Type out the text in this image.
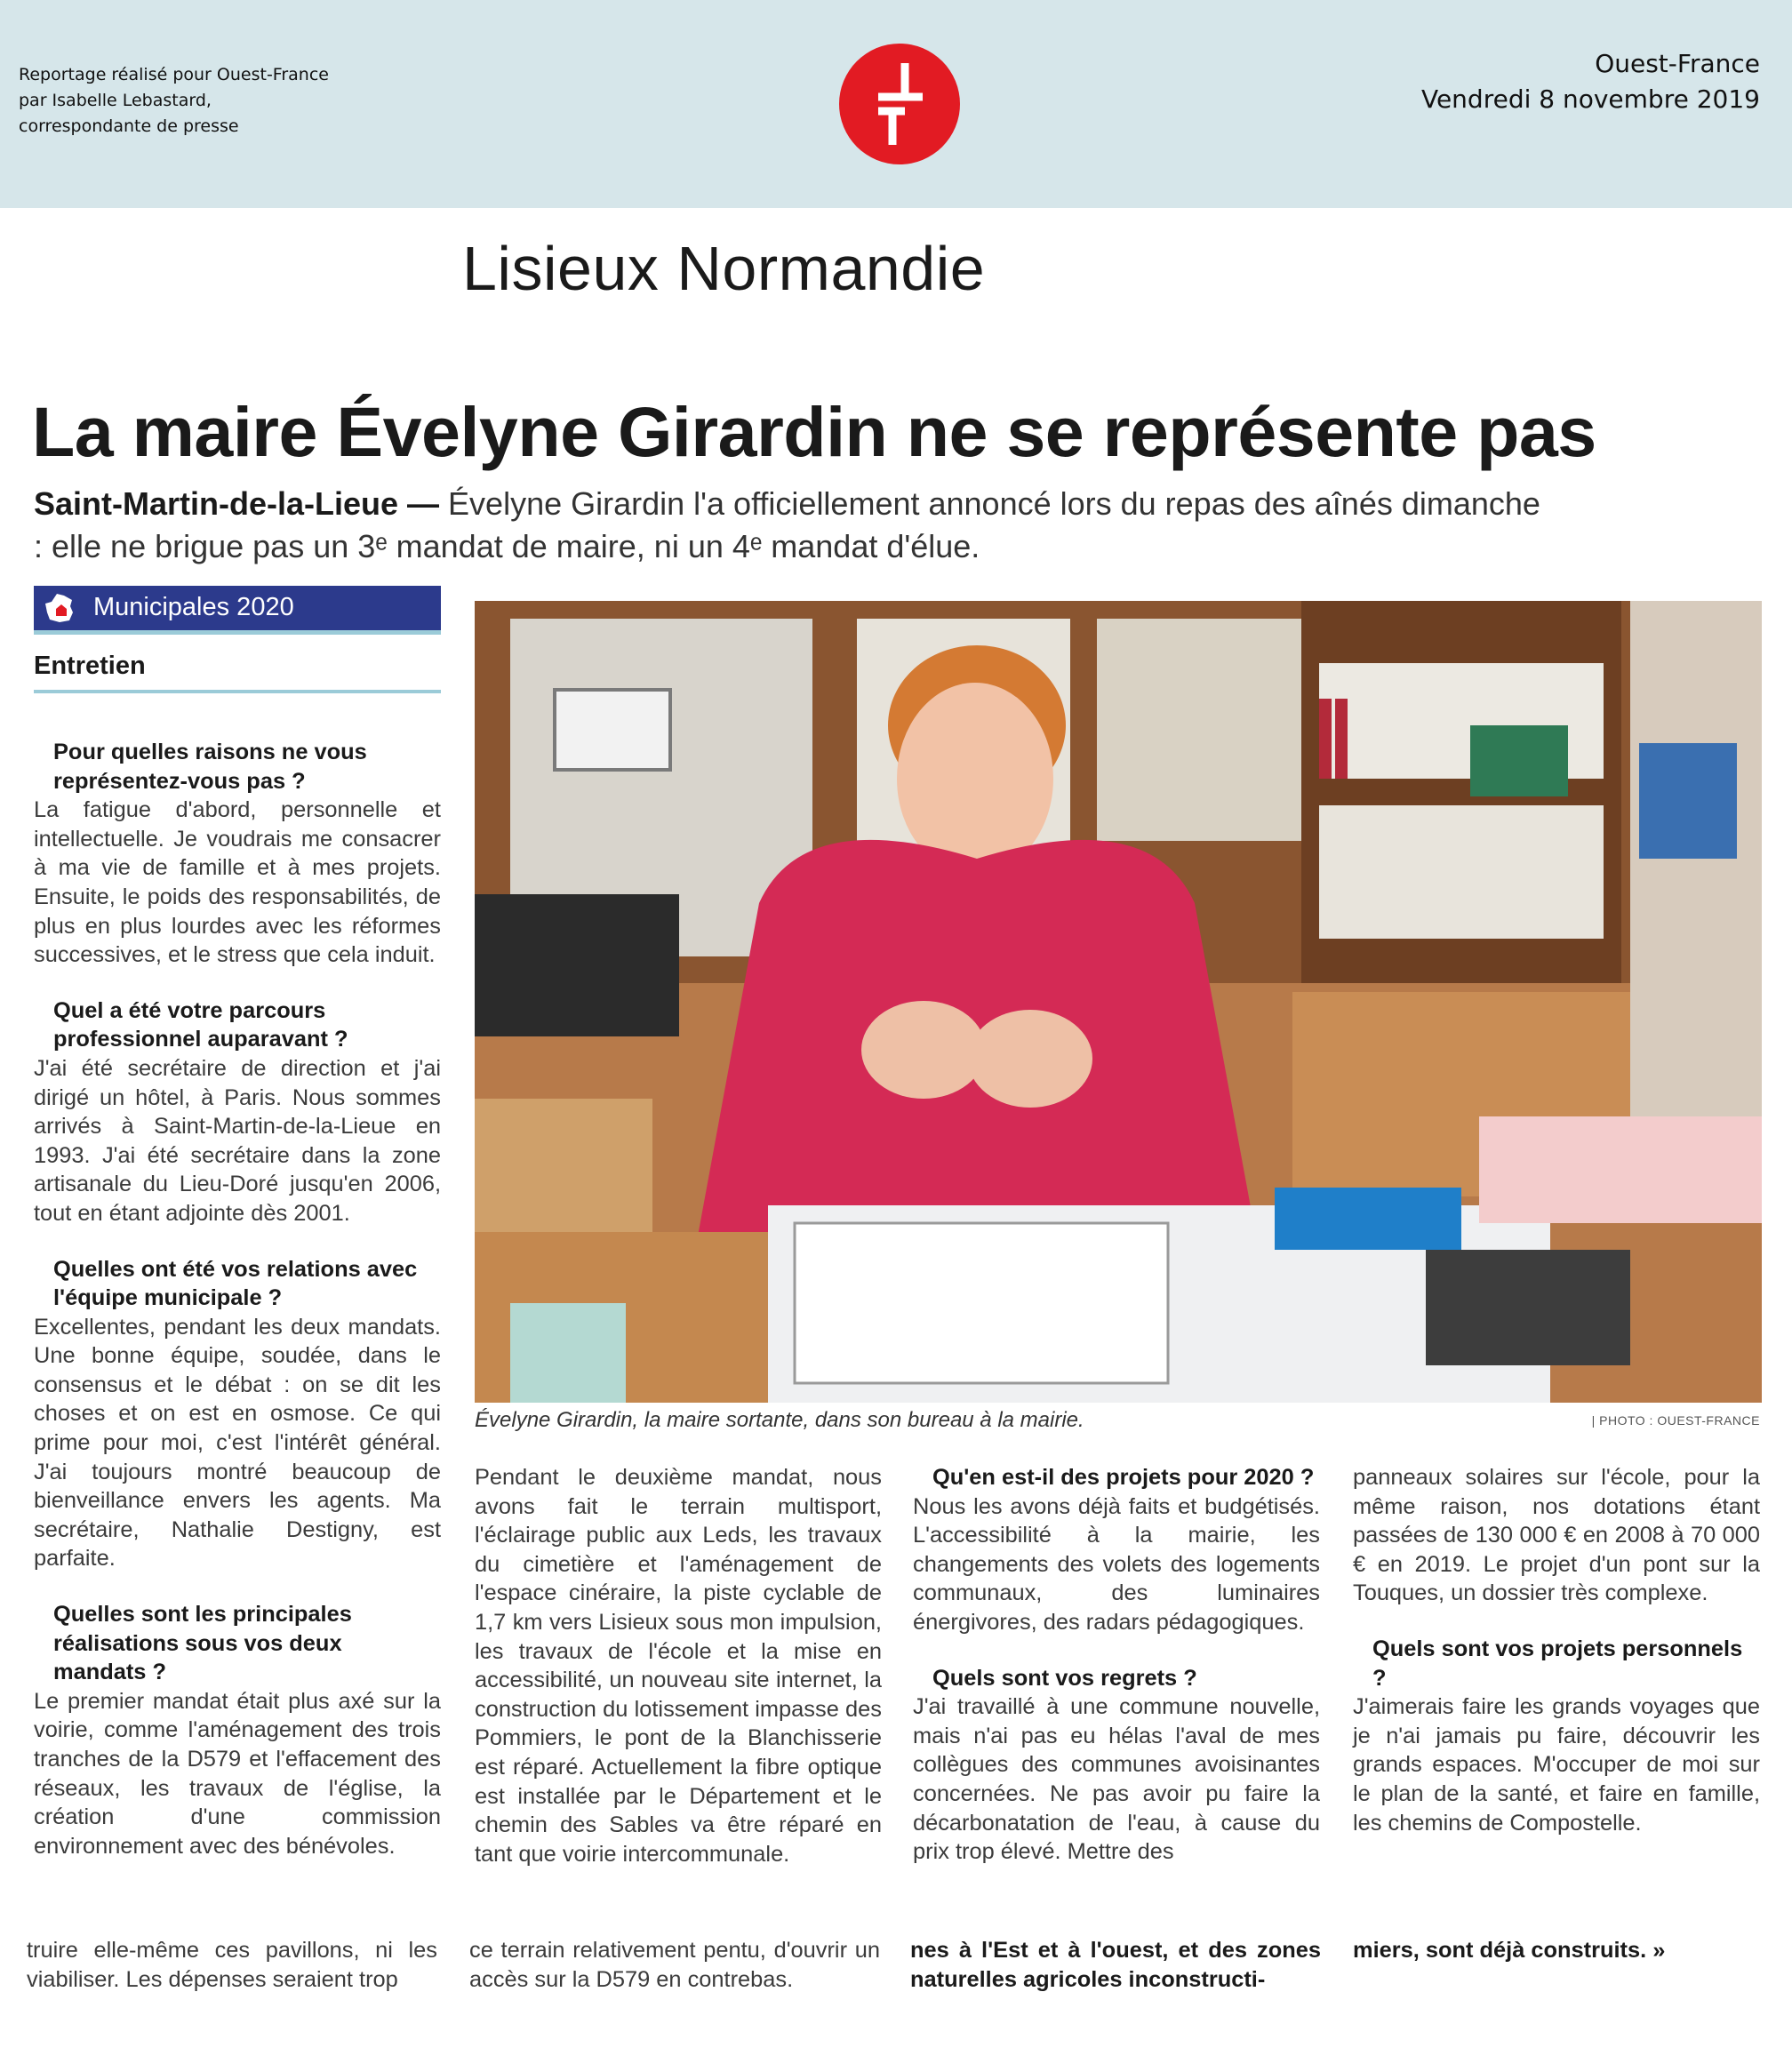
Reportage réalisé pour Ouest-France
par Isabelle Lebastard,
correspondante de presse
Ouest-France
Vendredi 8 novembre 2019
Lisieux Normandie
La maire Évelyne Girardin ne se représente pas
Saint-Martin-de-la-Lieue — Évelyne Girardin l'a officiellement annoncé lors du repas des aînés dimanche : elle ne brigue pas un 3ᵉ mandat de maire, ni un 4ᵉ mandat d'élue.
Municipales 2020
Entretien

Pour quelles raisons ne vous représentez-vous pas ?

La fatigue d'abord, personnelle et intellectuelle. Je voudrais me consacrer à ma vie de famille et à mes projets. Ensuite, le poids des responsabilités, de plus en plus lourdes avec les réformes successives, et le stress que cela induit.

Quel a été votre parcours professionnel auparavant ?

J'ai été secrétaire de direction et j'ai dirigé un hôtel, à Paris. Nous sommes arrivés à Saint-Martin-de-la-Lieue en 1993. J'ai été secrétaire dans la zone artisanale du Lieu-Doré jusqu'en 2006, tout en étant adjointe dès 2001.

Quelles ont été vos relations avec l'équipe municipale ?

Excellentes, pendant les deux mandats. Une bonne équipe, soudée, dans le consensus et le débat : on se dit les choses et on est en osmose. Ce qui prime pour moi, c'est l'intérêt général. J'ai toujours montré beaucoup de bienveillance envers les agents. Ma secrétaire, Nathalie Destigny, est parfaite.

Quelles sont les principales réalisations sous vos deux mandats ?

Le premier mandat était plus axé sur la voirie, comme l'aménagement des trois tranches de la D579 et l'effacement des réseaux, les travaux de l'église, la création d'une commission environnement avec des bénévoles.

Évelyne Girardin, la maire sortante, dans son bureau à la mairie.	| PHOTO : OUEST-FRANCE

Pendant le deuxième mandat, nous avons fait le terrain multisport, l'éclairage public aux Leds, les travaux du cimetière et l'aménagement de l'espace cinéraire, la piste cyclable de 1,7 km vers Lisieux sous mon impulsion, les travaux de l'école et la mise en accessibilité, un nouveau site internet, la construction du lotissement impasse des Pommiers, le pont de la Blanchisserie est réparé. Actuellement la fibre optique est installée par le Département et le chemin des Sables va être réparé en tant que voirie intercommunale.

Qu'en est-il des projets pour 2020 ?

Nous les avons déjà faits et budgétisés. L'accessibilité à la mairie, les changements des volets des logements communaux, des luminaires énergivores, des radars pédagogiques.

Quels sont vos regrets ?

J'ai travaillé à une commune nouvelle, mais n'ai pas eu hélas l'aval de mes collègues des communes avoisinantes concernées. Ne pas avoir pu faire la décarbonatation de l'eau, à cause du prix trop élevé. Mettre des

panneaux solaires sur l'école, pour la même raison, nos dotations étant passées de 130 000 € en 2008 à 70 000 € en 2019. Le projet d'un pont sur la Touques, un dossier très complexe.

Quels sont vos projets personnels ?

J'aimerais faire les grands voyages que je n'ai jamais pu faire, découvrir les grands espaces. M'occuper de moi sur le plan de la santé, et faire en famille, les chemins de Compostelle.

truire elle-même ces pavillons, ni les viabiliser. Les dépenses seraient trop
ce terrain relativement pentu, d'ouvrir un accès sur la D579 en contrebas.
nes à l'Est et à l'ouest, et des zones naturelles agricoles inconstructi-
miers, sont déjà construits. »
